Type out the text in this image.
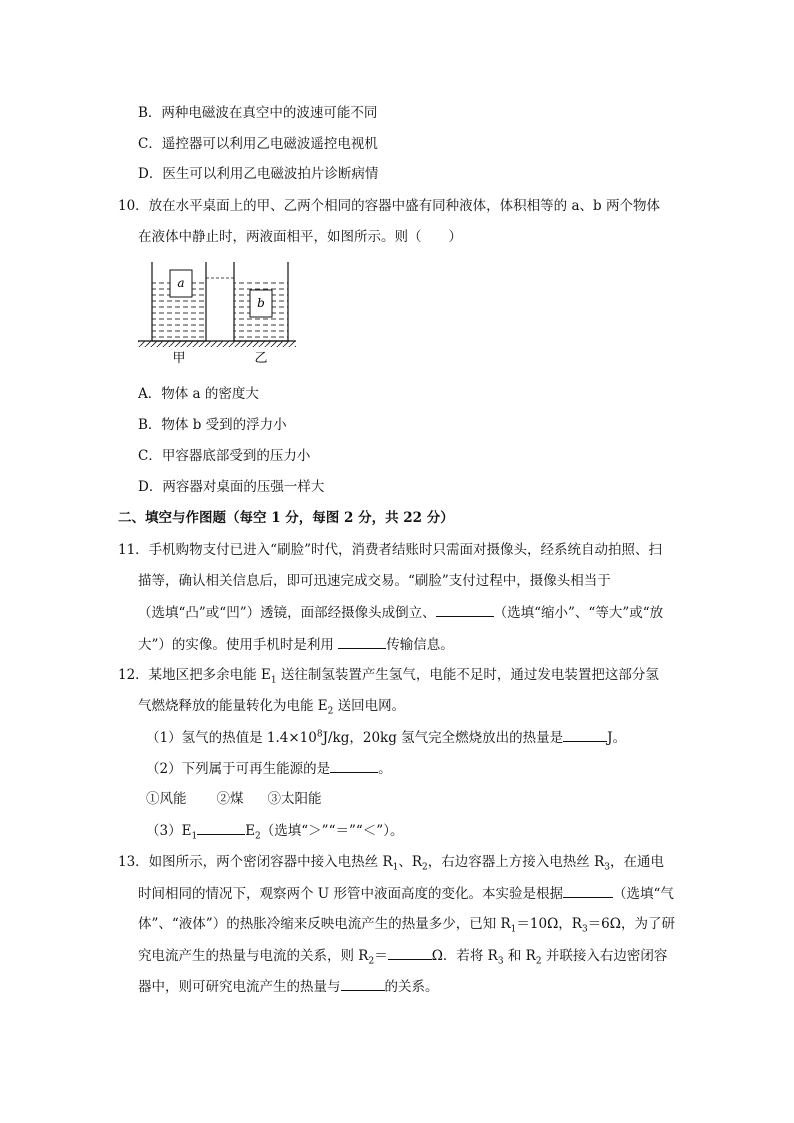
B．两种电磁波在真空中的波速可能不同
C．遥控器可以利用乙电磁波遥控电视机
D．医生可以利用乙电磁波拍片诊断病情
10．放在水平桌面上的甲、乙两个相同的容器中盛有同种液体，体积相等的 a、b 两个物体
在液体中静止时，两液面相平，如图所示。则（　　）
a
b
甲	乙
A．物体 a 的密度大
B．物体 b 受到的浮力小
C．甲容器底部受到的压力小
D．两容器对桌面的压强一样大
二、填空与作图题（每空 1 分，每图 2 分，共 22 分）
11．手机购物支付已进入“刷脸”时代，消费者结账时只需面对摄像头，经系统自动拍照、扫
描等，确认相关信息后，即可迅速完成交易。“刷脸”支付过程中，摄像头相当于
（选填“凸”或“凹”）透镜，面部经摄像头成倒立、	（选填“缩小”、“等大”或“放
大”）的实像。使用手机时是利用	传输信息。
12．某地区把多余电能 $E_1$ 送往制氢装置产生氢气，电能不足时，通过发电装置把这部分氢
气燃烧释放的能量转化为电能 $E_2$ 送回电网。
（1）氢气的热值是 $1.4\times 10^8J/kg$，20kg 氢气完全燃烧放出的热量是	J。
（2）下列属于可再生能源的是	。
①风能 ②煤 ③太阳能
$(3)E_1$	$E_2$（选填“＞”“＝”“＜”）。
13．如图所示，两个密闭容器中接入电热丝 $R_1$、$R_2$，右边容器上方接入电热丝 $R_3$，在通电
时间相同的情况下，观察两个 U 形管中液面高度的变化。本实验是根据	（选填“气
体”、“液体”）的热胀冷缩来反映电流产生的热量多少，已知 $R_1=10\Omega$，$R_3=6\Omega$，为了研
究电流产生的热量与电流的关系，则 $R_2=$	Ω．若将 $R_3$ 和 $R_2$ 并联接入右边密闭容
器中，则可研究电流产生的热量与	的关系。
